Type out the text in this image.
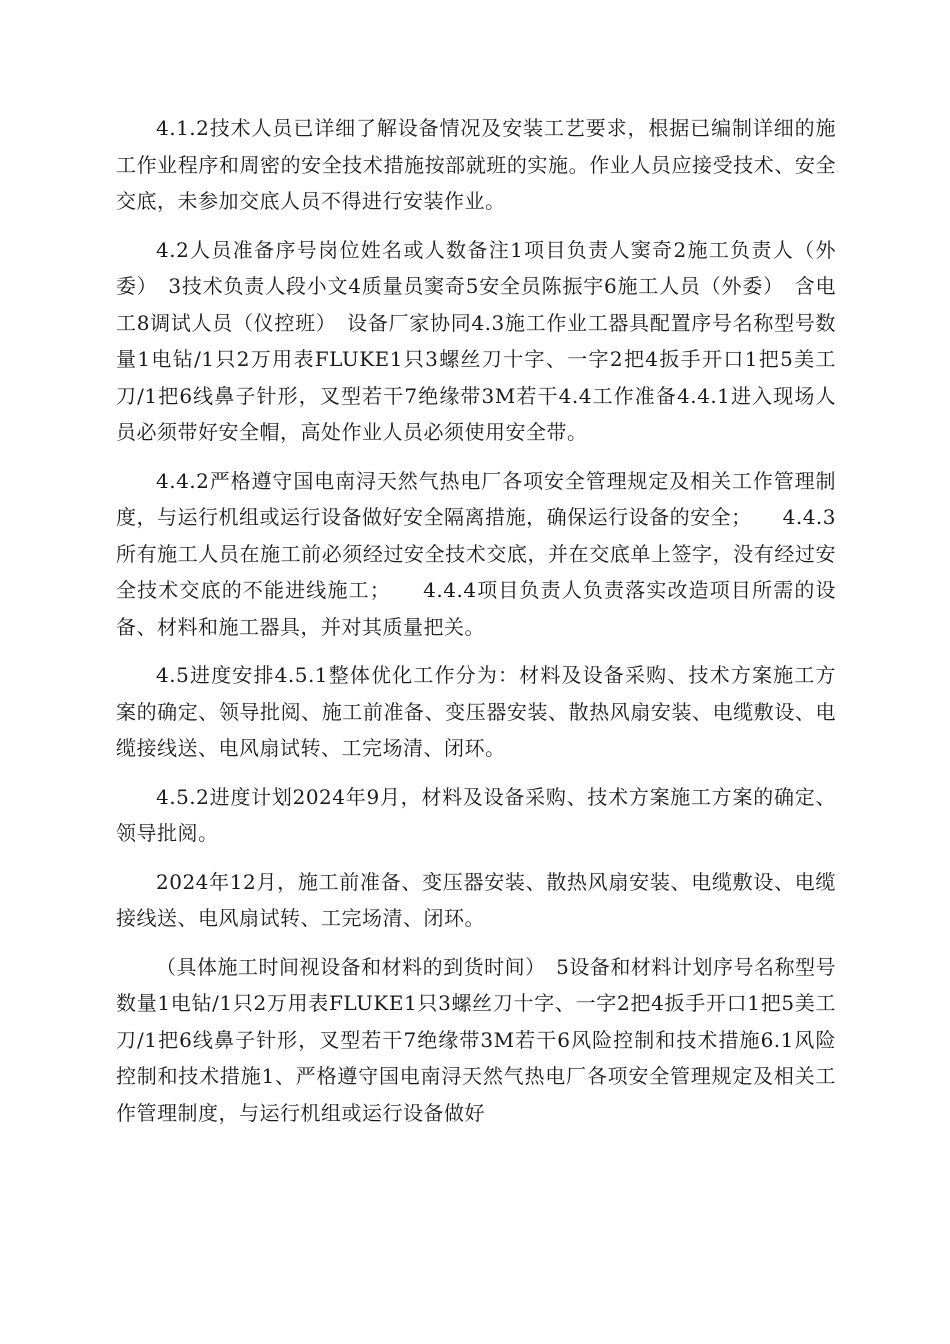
4.1.2技术人员已详细了解设备情况及安装工艺要求，根据已编制详细的施工作业程序和周密的安全技术措施按部就班的实施。作业人员应接受技术、安全交底，未参加交底人员不得进行安装作业。

4.2人员准备序号岗位姓名或人数备注1项目负责人窦奇2施工负责人（外委）　3技术负责人段小文4质量员窦奇5安全员陈振宇6施工人员（外委）　含电工8调试人员（仪控班）　设备厂家协同4.3施工作业工器具配置序号名称型号数量1电钻/1只2万用表FLUKE1只3螺丝刀十字、一字2把4扳手开口1把5美工刀/1把6线鼻子针形，叉型若干7绝缘带3M若干4.4工作准备4.4.1进入现场人员必须带好安全帽，高处作业人员必须使用安全带。

4.4.2严格遵守国电南浔天然气热电厂各项安全管理规定及相关工作管理制度，与运行机组或运行设备做好安全隔离措施，确保运行设备的安全；　　4.4.3所有施工人员在施工前必须经过安全技术交底，并在交底单上签字，没有经过安全技术交底的不能进线施工；　　4.4.4项目负责人负责落实改造项目所需的设备、材料和施工器具，并对其质量把关。

4.5进度安排4.5.1整体优化工作分为：材料及设备采购、技术方案施工方案的确定、领导批阅、施工前准备、变压器安装、散热风扇安装、电缆敷设、电缆接线送、电风扇试转、工完场清、闭环。

4.5.2进度计划2024年9月，材料及设备采购、技术方案施工方案的确定、领导批阅。

2024年12月，施工前准备、变压器安装、散热风扇安装、电缆敷设、电缆接线送、电风扇试转、工完场清、闭环。

（具体施工时间视设备和材料的到货时间）　5设备和材料计划序号名称型号数量1电钻/1只2万用表FLUKE1只3螺丝刀十字、一字2把4扳手开口1把5美工刀/1把6线鼻子针形，叉型若干7绝缘带3M若干6风险控制和技术措施6.1风险控制和技术措施1、严格遵守国电南浔天然气热电厂各项安全管理规定及相关工作管理制度，与运行机组或运行设备做好
